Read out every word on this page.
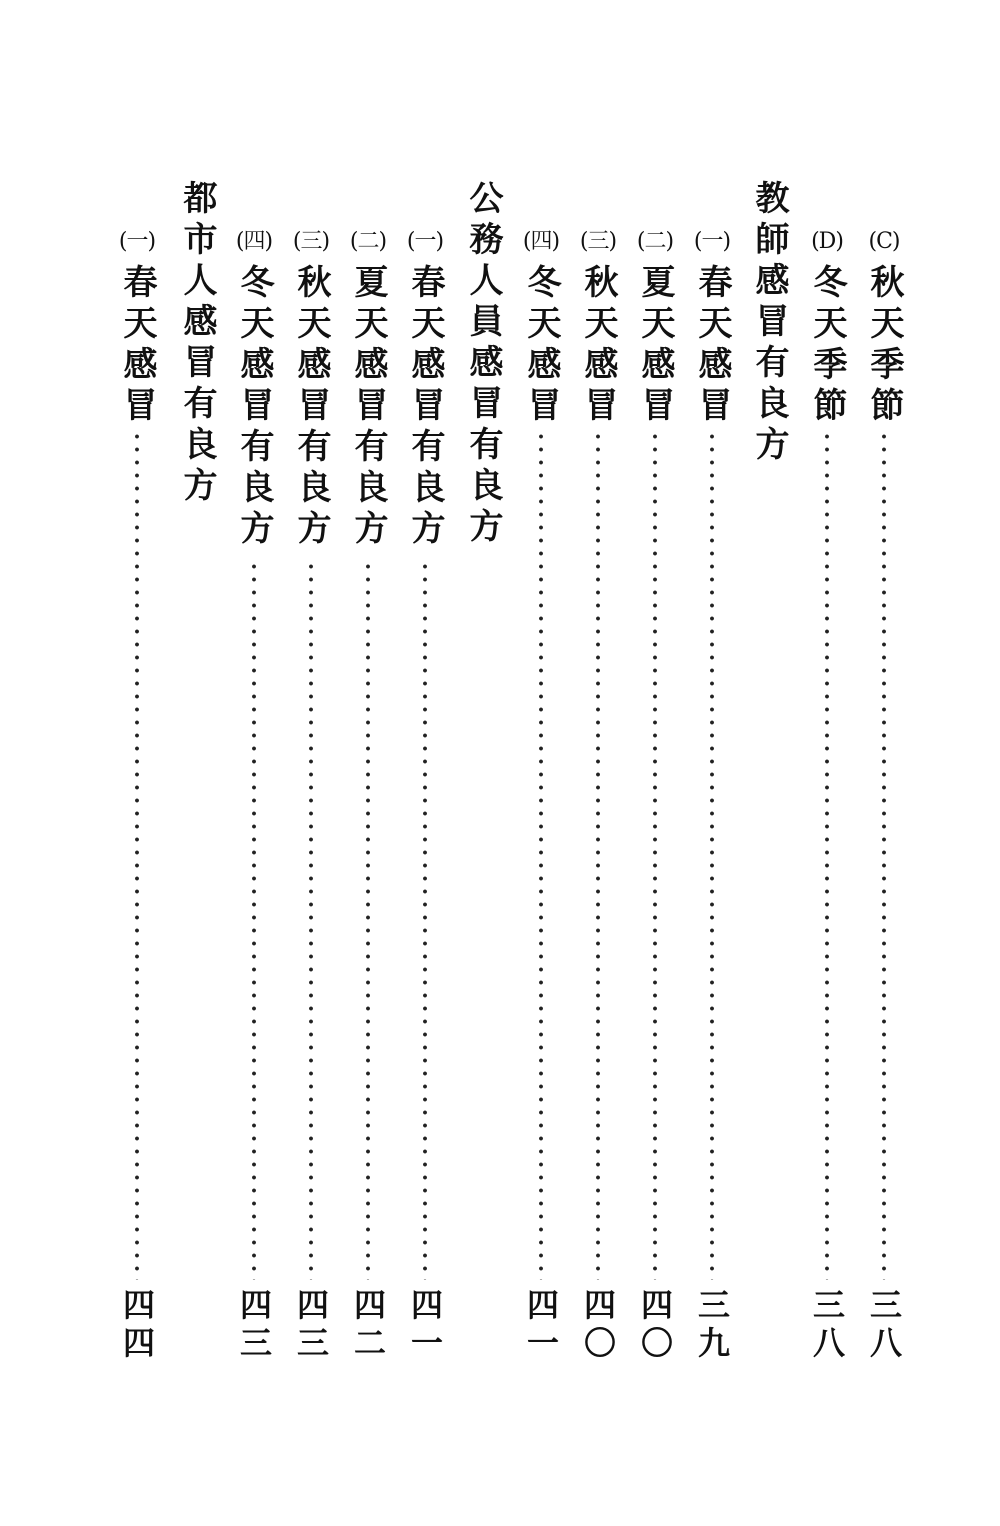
(C)
秋天季節
三八
(D)
冬天季節
三八
教師感冒有良方
(一)
春天感冒
三九
(二)
夏天感冒
四〇
(三)
秋天感冒
四〇
(四)
冬天感冒
四一
公務人員感冒有良方
(一)
春天感冒有良方
四一
(二)
夏天感冒有良方
四二
(三)
秋天感冒有良方
四三
(四)
冬天感冒有良方
四三
都市人感冒有良方
(一)
春天感冒
四四
